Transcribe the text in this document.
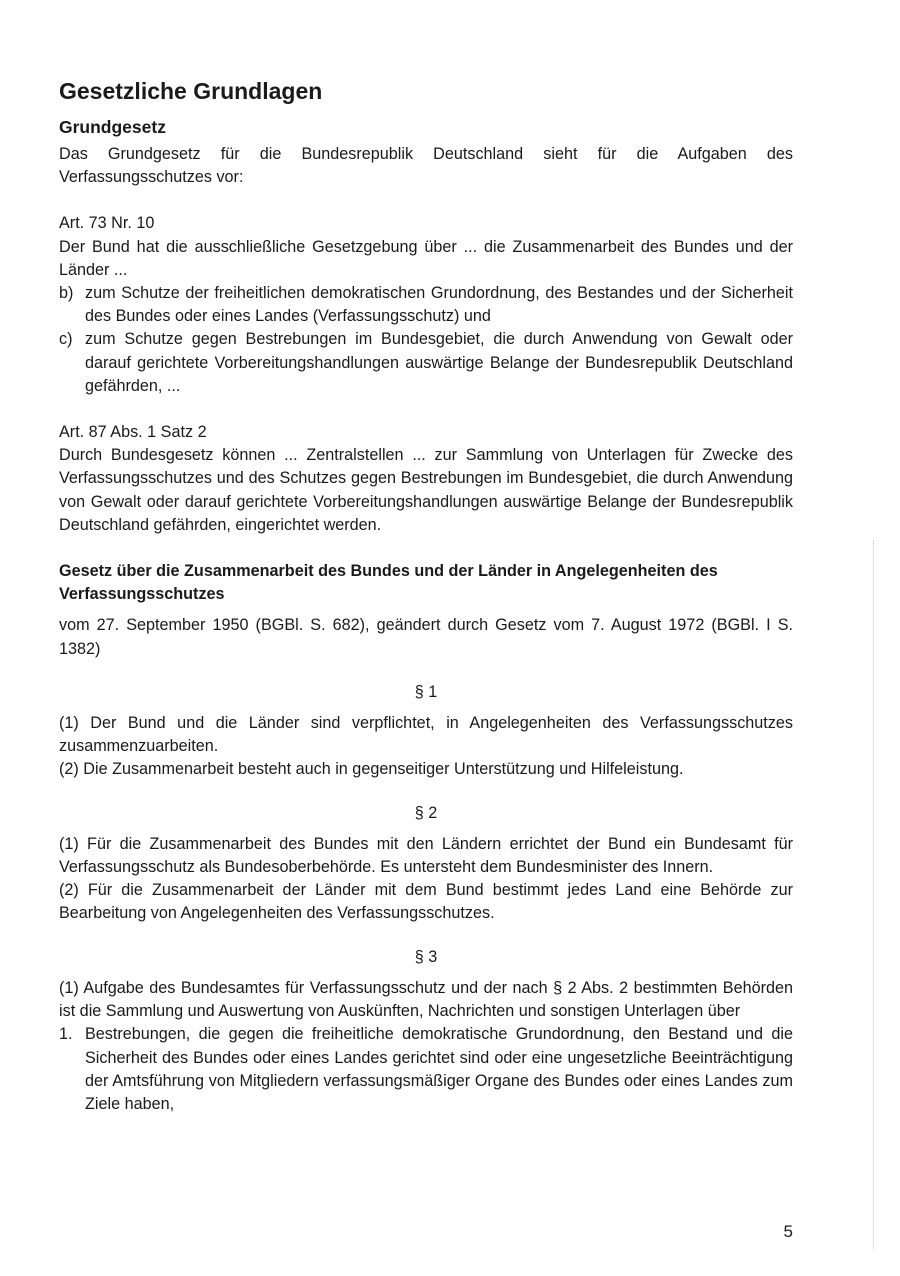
Gesetzliche Grundlagen
Grundgesetz

Das Grundgesetz für die Bundesrepublik Deutschland sieht für die Aufgaben des Verfassungsschutzes vor:

Art. 73 Nr. 10

Der Bund hat die ausschließliche Gesetzgebung über ... die Zusammenarbeit des Bundes und der Länder ...

b) zum Schutze der freiheitlichen demokratischen Grundordnung, des Bestandes und der Sicherheit des Bundes oder eines Landes (Verfassungsschutz) und
c) zum Schutze gegen Bestrebungen im Bundesgebiet, die durch Anwendung von Gewalt oder darauf gerichtete Vorbereitungshandlungen auswärtige Belange der Bundesrepublik Deutschland gefährden, ...

Art. 87 Abs. 1 Satz 2

Durch Bundesgesetz können ... Zentralstellen ... zur Sammlung von Unterlagen für Zwecke des Verfassungsschutzes und des Schutzes gegen Bestrebungen im Bundesgebiet, die durch Anwendung von Gewalt oder darauf gerichtete Vorbereitungshandlungen auswärtige Belange der Bundesrepublik Deutschland gefährden, eingerichtet werden.

Gesetz über die Zusammenarbeit des Bundes und der Länder in Angelegenheiten des Verfassungsschutzes

vom 27. September 1950 (BGBl. S. 682), geändert durch Gesetz vom 7. August 1972 (BGBl. I S. 1382)

§ 1

(1) Der Bund und die Länder sind verpflichtet, in Angelegenheiten des Verfassungsschutzes zusammenzuarbeiten.

(2) Die Zusammenarbeit besteht auch in gegenseitiger Unterstützung und Hilfeleistung.

§ 2

(1) Für die Zusammenarbeit des Bundes mit den Ländern errichtet der Bund ein Bundesamt für Verfassungsschutz als Bundesoberbehörde. Es untersteht dem Bundesminister des Innern.

(2) Für die Zusammenarbeit der Länder mit dem Bund bestimmt jedes Land eine Behörde zur Bearbeitung von Angelegenheiten des Verfassungsschutzes.

§ 3

(1) Aufgabe des Bundesamtes für Verfassungsschutz und der nach § 2 Abs. 2 bestimmten Behörden ist die Sammlung und Auswertung von Auskünften, Nachrichten und sonstigen Unterlagen über

1. Bestrebungen, die gegen die freiheitliche demokratische Grundordnung, den Bestand und die Sicherheit des Bundes oder eines Landes gerichtet sind oder eine ungesetzliche Beeinträchtigung der Amtsführung von Mitgliedern verfassungsmäßiger Organe des Bundes oder eines Landes zum Ziele haben,
5
